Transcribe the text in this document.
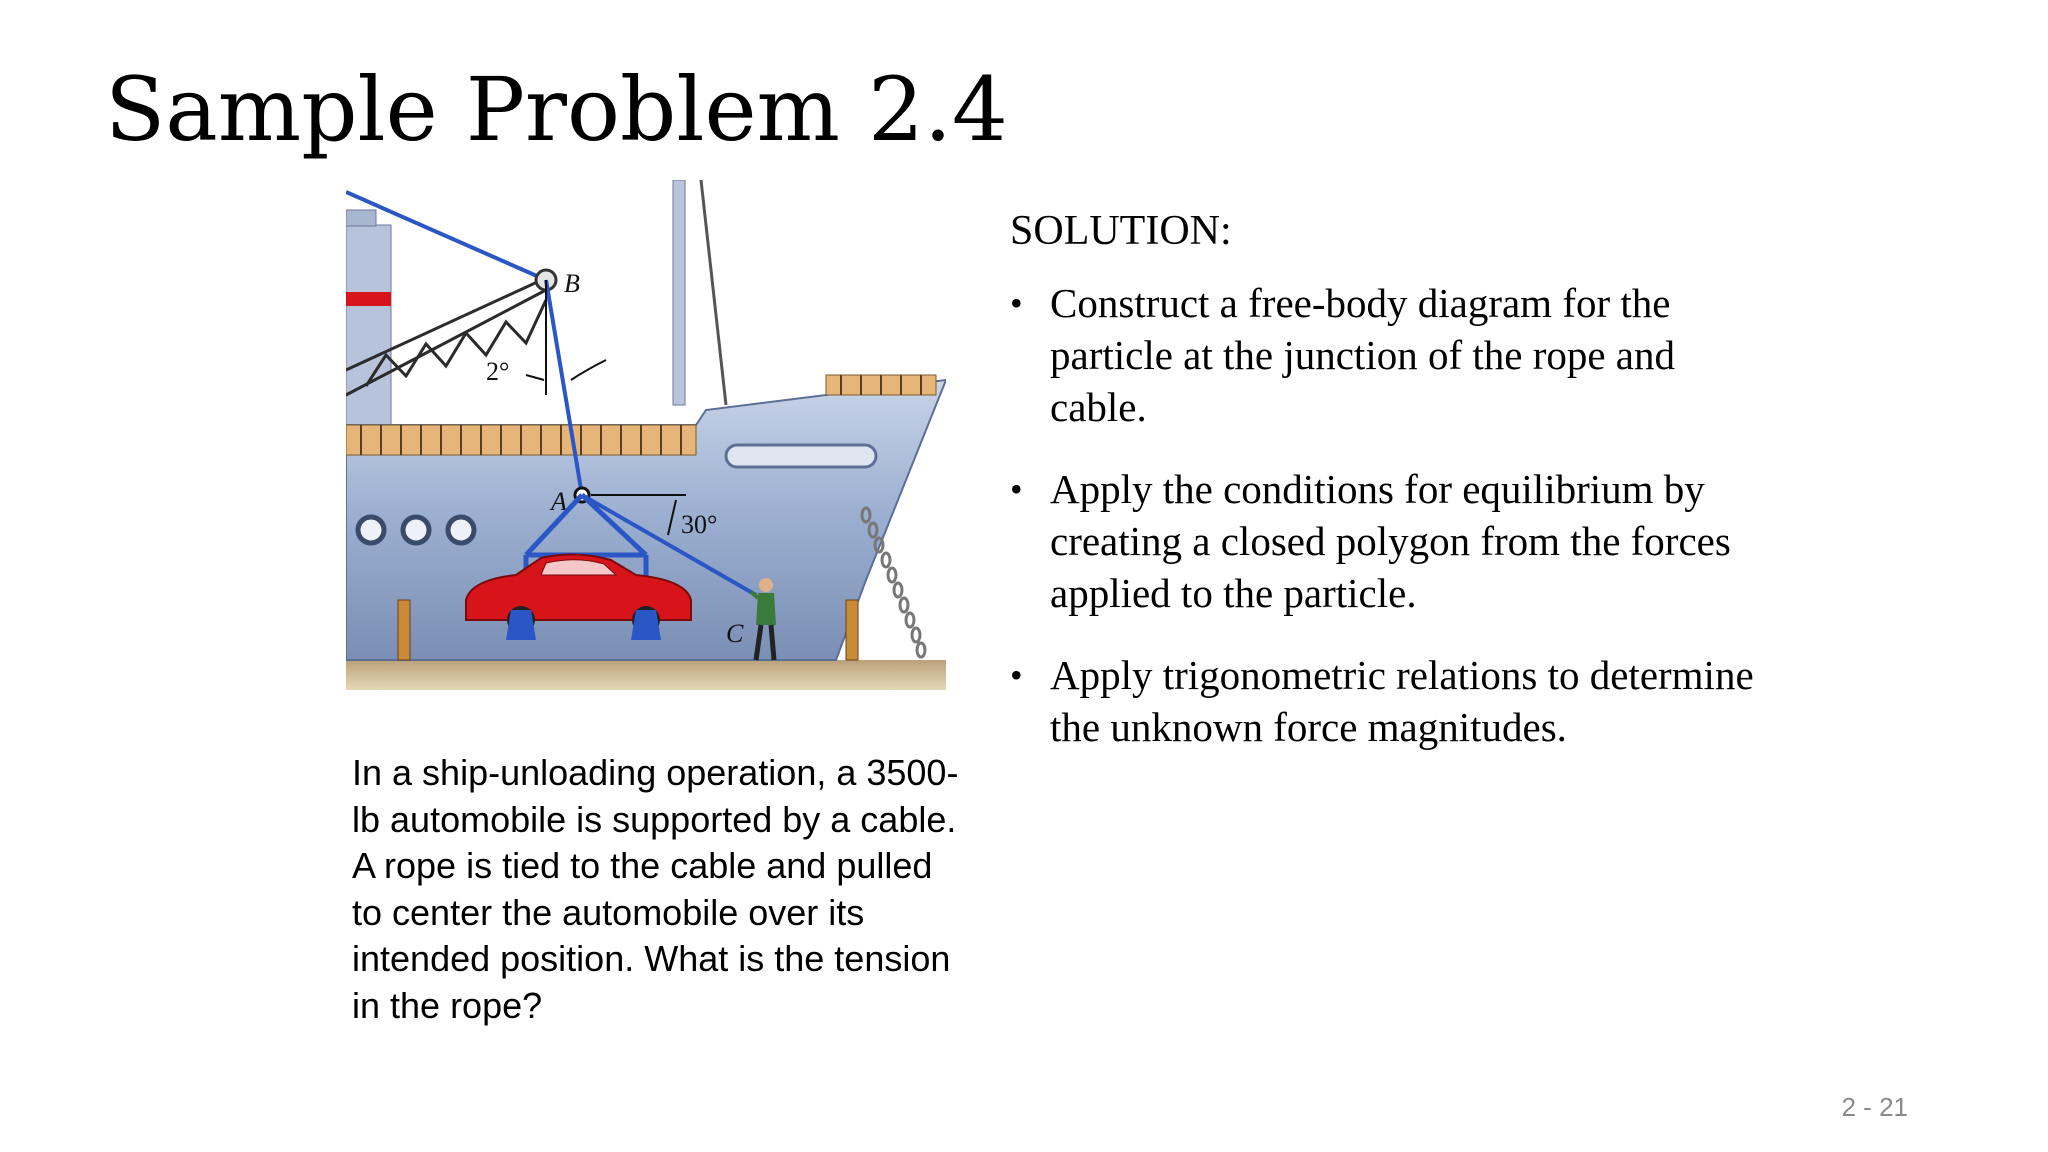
Sample Problem 2.4
B
2°
A
30°
C

In a ship-unloading operation, a 3500-lb automobile is supported by a cable. A rope is tied to the cable and pulled to center the automobile over its intended position. What is the tension in the rope?

SOLUTION:

• Construct a free-body diagram for the particle at the junction of the rope and cable.
• Apply the conditions for equilibrium by creating a closed polygon from the forces applied to the particle.
• Apply trigonometric relations to determine the unknown force magnitudes.
2 - 21
